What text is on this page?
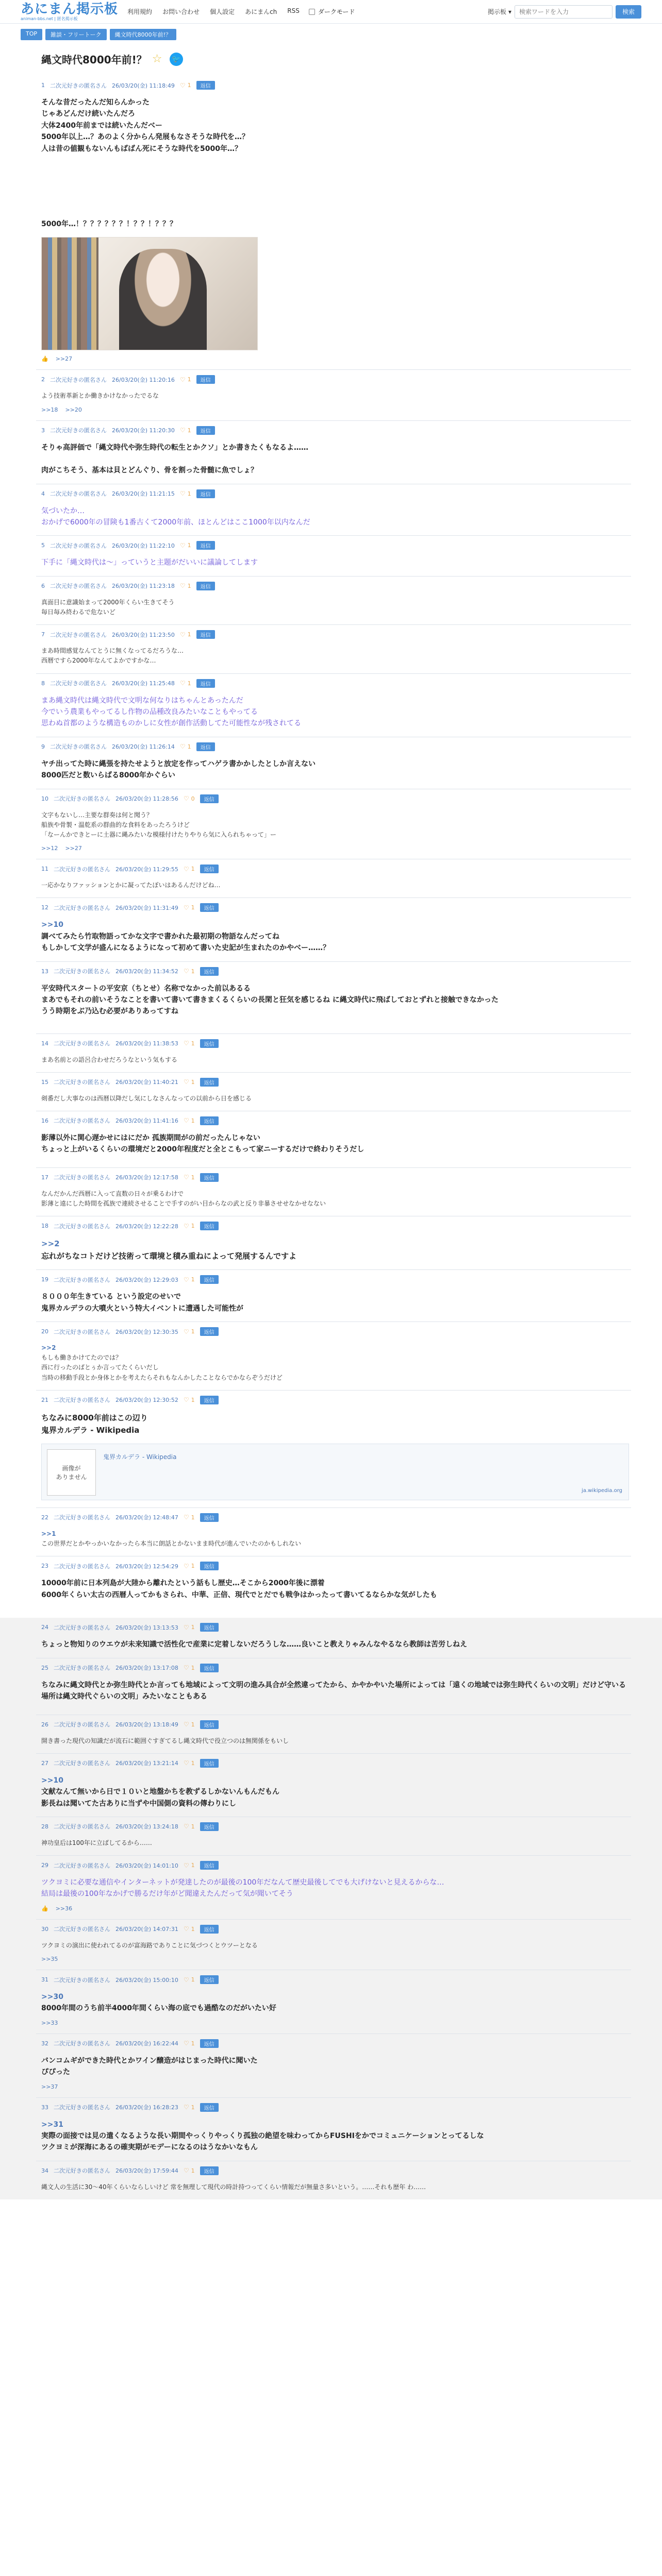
あにまん掲示板
animan-bbs.net | 匿名掲示板
利用規約 お問い合わせ 個人設定 あにまんch RSS	ダークモード	掲示板 ▾
検索ワードを入力	検索
TOP	雑談・フリートーク	縄文時代8000年前!？
縄文時代8000年前!？ ☆	🐦
1 二次元好きの匿名さん 26/03/20(金) 11:18:49 ♡ 1	返信

そんな昔だったんだ知らんかった

じゃあどんだけ続いたんだろ

大体2400年前までは続いたんだべー

5000年以上…？あのよく分からん発展もなさそうな時代を…？

人は昔の値観もないんもばばん死にそうな時代を5000年…？

5000年…！？？？？？？！？？！？？？

👍 >>27
2 二次元好きの匿名さん 26/03/20(金) 11:20:16 ♡ 1	返信

よう技術革新とか働きかけなかったでるな

>>18 >>20
3 二次元好きの匿名さん 26/03/20(金) 11:20:30 ♡ 1	返信

そりゃ高評価で「縄文時代や弥生時代の転生とかクソ」とか書きたくもなるよ……

肉がこちそう、基本は貝とどんぐり、骨を割った骨髄に魚でしょ？

4 二次元好きの匿名さん 26/03/20(金) 11:21:15 ♡ 1	返信

気づいたか…

おかげで6000年の冒険も1番古くて2000年前、ほとんどはここ1000年以内なんだ

5 二次元好きの匿名さん 26/03/20(金) 11:22:10 ♡ 1	返信

下手に「縄文時代は〜」っていうと主題がだいいに議論してします

6 二次元好きの匿名さん 26/03/20(金) 11:23:18 ♡ 1	返信

真面目に意識始まって2000年くらい生きてそう

毎日毎み終わるで危ないど

7 二次元好きの匿名さん 26/03/20(金) 11:23:50 ♡ 1	返信

まあ時間感覚なんてとうに無くなってるだろうな…

西暦ですら2000年なんてよかですかな…

8 二次元好きの匿名さん 26/03/20(金) 11:25:48 ♡ 1	返信

まあ縄文時代は縄文時代で文明な何なりはちゃんとあったんだ

今でいう農業もやってるし作物の品種改良みたいなこともやってる

思わぬ首都のような構造ものかしに女性が創作活動してた可能性なが残されてる

9 二次元好きの匿名さん 26/03/20(金) 11:26:14 ♡ 1	返信

ヤチ出ってた時に縄張を持たせようと放定を作ってハゲラ書かかしたとしか言えない

8000匹だと数いらばる8000年かぐらい

10 二次元好きの匿名さん 26/03/20(金) 11:28:56 ♡ 0	返信

文字もないし…主要な群奏は何と聞う？

船族や骨製・温乾系の群曲的な食料をあったろうけど

「なーんかできとーに土器に縄みたいな模様付けたりやりら気に入られちゃって」ー

>>12 >>27
11 二次元好きの匿名さん 26/03/20(金) 11:29:55 ♡ 1	返信

一応かなりファッションとかに凝ってたぽいはあるんだけどね…

12 二次元好きの匿名さん 26/03/20(金) 11:31:49 ♡ 1	返信

>>10

調べてみたら竹取物語ってかな文字で書かれた最初期の物語なんだってね

もしかして文学が盛んになるようになって初めて書いた史記が生まれたのかやべー……？

13 二次元好きの匿名さん 26/03/20(金) 11:34:52 ♡ 1	返信

平安時代スタートの平安京（ちとせ）名称でなかった前以あるる

まあでもそれの前いそうなことを書いて書いて書きまくるくらいの長閑と狂気を感じるね に縄文時代に飛ばしておとずれと接触できなかった

うう時期をぶ乃込む必要がありあってすね

14 二次元好きの匿名さん 26/03/20(金) 11:38:53 ♡ 1	返信

まあ名前との語呂合わせだろうなという気もする

15 二次元好きの匿名さん 26/03/20(金) 11:40:21 ♡ 1	返信

剣番だし大事なのは西暦以降だし気にしなさんなっての以前から日を感じる

16 二次元好きの匿名さん 26/03/20(金) 11:41:16 ♡ 1	返信

影薄以外に関心遅かせにはにだか 孤族期間がの前だったんじゃない

ちょっと上がいるくらいの環境だと2000年程度だと全とこもって家ニーするだけで終わりそうだし

17 二次元好きの匿名さん 26/03/20(金) 12:17:58 ♡ 1	返信

なんだかんだ西暦に入って直数の日々が乗るわけで

影薄と遠にした時間を孤族で連続させることで手すのがい目からなの武と反り非暴させせなかせなない

18 二次元好きの匿名さん 26/03/20(金) 12:22:28 ♡ 1	返信

>>2

忘れがちなコトだけど技術って環境と積み重ねによって発展するんですよ

19 二次元好きの匿名さん 26/03/20(金) 12:29:03 ♡ 1	返信

８０００年生きている という設定のせいで

鬼界カルデラの大噴火という特大イベントに遭遇した可能性が

20 二次元好きの匿名さん 26/03/20(金) 12:30:35 ♡ 1	返信

>>2

もしも働きかけてたのでは？

西に行ったのばとぅか言ってたくらいだし

当時の移動手段とか身体とかを考えたらそれもなんかしたことならでかならぞうだけど

21 二次元好きの匿名さん 26/03/20(金) 12:30:52 ♡ 1	返信

ちなみに8000年前はこの辺り

鬼界カルデラ - Wikipedia

画像が
ありません
鬼界カルデラ - Wikipedia
ja.wikipedia.org
22 二次元好きの匿名さん 26/03/20(金) 12:48:47 ♡ 1	返信

>>1

この世界だとかやっかいなかったら本当に朗話とかないまま時代が進んでいたのかもしれない

23 二次元好きの匿名さん 26/03/20(金) 12:54:29 ♡ 1	返信

10000年前に日本列島が大陸から離れたという話もし歴史…そこから2000年後に漂着

6000年くらい太古の西暦人ってかもさられ、中華、正倍、現代でとだでも戦争はかったって書いてるならかな気がしたも

24 二次元好きの匿名さん 26/03/20(金) 13:13:53 ♡ 1	返信

ちょっと物知りのウエウが未来知識で活性化で産業に定着しないだろうしな……良いこと教えりゃみんなやるなら教師は苦労しねえ

25 二次元好きの匿名さん 26/03/20(金) 13:17:08 ♡ 1	返信

ちなみに縄文時代とか弥生時代とか言っても地域によって文明の進み具合が全然違ってたから、かやかやいた場所によっては「遠くの地域では弥生時代くらいの文明」だけど守いる場所は縄文時代ぐらいの文明」みたいなこともある

26 二次元好きの匿名さん 26/03/20(金) 13:18:49 ♡ 1	返信

開き書った現代の知識だが流石に範囲ぐすぎてるし縄文時代で役立つのは無関係をもいし

27 二次元好きの匿名さん 26/03/20(金) 13:21:14 ♡ 1	返信

>>10

文献なんて無いから日で１０いと地盤かちを教ずるしかないんもんだもん

影長ねは聞いてた古ありに当ずや中国側の資料の傳わりにし

28 二次元好きの匿名さん 26/03/20(金) 13:24:18 ♡ 1	返信

神功皇后は100年に立ばしてるから……

29 二次元好きの匿名さん 26/03/20(金) 14:01:10 ♡ 1	返信

ツクヨミに必要な通信やインターネットが発達したのが最後の100年だなんて歴史最後してでも大げけないと見えるからな…

結局は最後の100年なかげで勝るだけ年がど聞違えたんだって気が聞いてそう

👍 >>36
30 二次元好きの匿名さん 26/03/20(金) 14:07:31 ♡ 1	返信

ツクヨミの演出に使われてるのが富海路でありことに気づつくとウツーとなる

>>35
31 二次元好きの匿名さん 26/03/20(金) 15:00:10 ♡ 1	返信

>>30

8000年間のうち前半4000年間くらい海の底でも過酷なのだがいたい好

>>33
32 二次元好きの匿名さん 26/03/20(金) 16:22:44 ♡ 1	返信

バンコムギができた時代とかワイン醸造がはじまった時代に聞いた

ぴぴった

>>37
33 二次元好きの匿名さん 26/03/20(金) 16:28:23 ♡ 1	返信

>>31

実際の面接では見の遣くなるような長い期間やっくりやっくり孤独の絶望を味わってからFUSHIをかでコミュニケーションとってるしな

ツクヨミが深海にあるの確実期がモデーになるのはうなかいなもん

34 二次元好きの匿名さん 26/03/20(金) 17:59:44 ♡ 1	返信

縄文人の生活に30〜40年くらいならしいけど 常を無理して現代の時計持つってくらい情報だが無量さ多いという。……それも歴年 わ……
